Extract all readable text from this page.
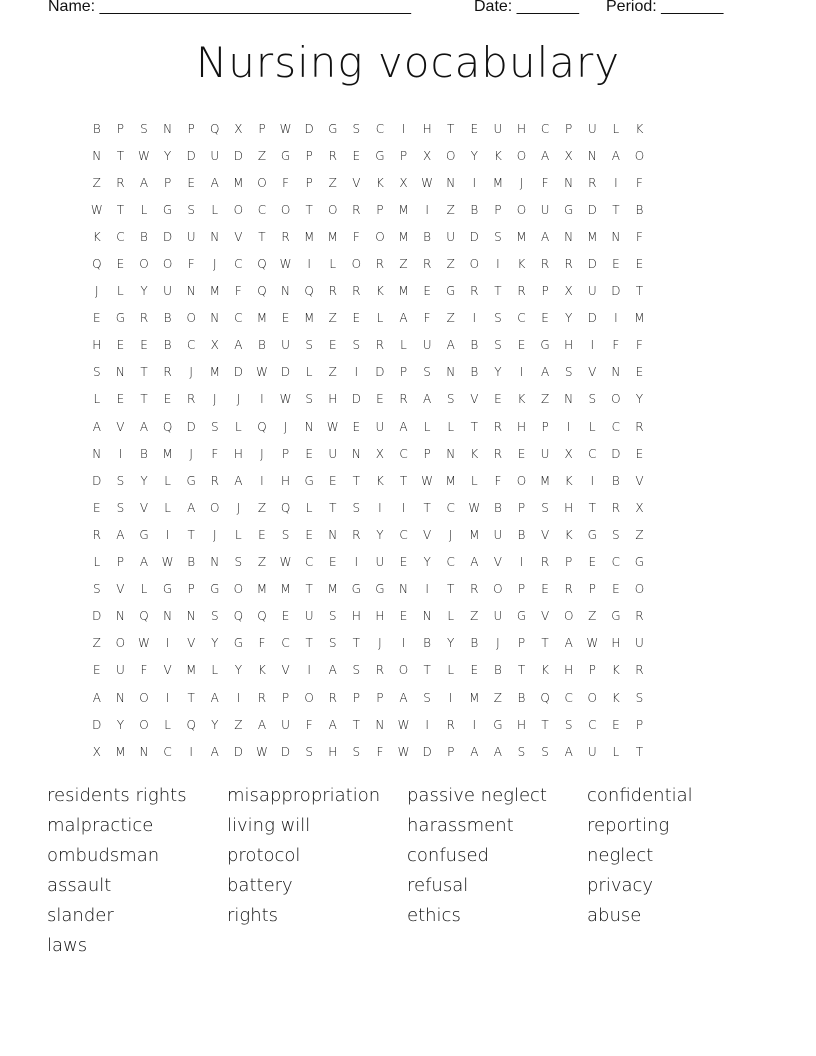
Name: ___________________________________	Date: _______ Period: _______
Nursing vocabulary
B	P	S	N	P	Q	X	P	W	D	G	S	C	I	H	T	E	U	H	C	P	U	L	K
N	T	W	Y	D	U	D	Z	G	P	R	E	G	P	X	O	Y	K	O	A	X	N	A	O
Z	R	A	P	E	A	M	O	F	P	Z	V	K	X	W	N	I	M	J	F	N	R	I	F
W	T	L	G	S	L	O	C	O	T	O	R	P	M	I	Z	B	P	O	U	G	D	T	B
K	C	B	D	U	N	V	T	R	M	M	F	O	M	B	U	D	S	M	A	N	M	N	F
Q	E	O	O	F	J	C	Q	W	I	L	O	R	Z	R	Z	O	I	K	R	R	D	E	E
J	L	Y	U	N	M	F	Q	N	Q	R	R	K	M	E	G	R	T	R	P	X	U	D	T
E	G	R	B	O	N	C	M	E	M	Z	E	L	A	F	Z	I	S	C	E	Y	D	I	M
H	E	E	B	C	X	A	B	U	S	E	S	R	L	U	A	B	S	E	G	H	I	F	F
S	N	T	R	J	M	D	W	D	L	Z	I	D	P	S	N	B	Y	I	A	S	V	N	E
L	E	T	E	R	J	J	I	W	S	H	D	E	R	A	S	V	E	K	Z	N	S	O	Y
A	V	A	Q	D	S	L	Q	J	N	W	E	U	A	L	L	T	R	H	P	I	L	C	R
N	I	B	M	J	F	H	J	P	E	U	N	X	C	P	N	K	R	E	U	X	C	D	E
D	S	Y	L	G	R	A	I	H	G	E	T	K	T	W	M	L	F	O	M	K	I	B	V
E	S	V	L	A	O	J	Z	Q	L	T	S	I	I	T	C	W	B	P	S	H	T	R	X
R	A	G	I	T	J	L	E	S	E	N	R	Y	C	V	J	M	U	B	V	K	G	S	Z
L	P	A	W	B	N	S	Z	W	C	E	I	U	E	Y	C	A	V	I	R	P	E	C	G
S	V	L	G	P	G	O	M	M	T	M	G	G	N	I	T	R	O	P	E	R	P	E	O
D	N	Q	N	N	S	Q	Q	E	U	S	H	H	E	N	L	Z	U	G	V	O	Z	G	R
Z	O	W	I	V	Y	G	F	C	T	S	T	J	I	B	Y	B	J	P	T	A	W	H	U
E	U	F	V	M	L	Y	K	V	I	A	S	R	O	T	L	E	B	T	K	H	P	K	R
A	N	O	I	T	A	I	R	P	O	R	P	P	A	S	I	M	Z	B	Q	C	O	K	S
D	Y	O	L	Q	Y	Z	A	U	F	A	T	N	W	I	R	I	G	H	T	S	C	E	P
X	M	N	C	I	A	D	W	D	S	H	S	F	W	D	P	A	A	S	S	A	U	L	T
residents rights	misappropriation	passive neglect	confidential
malpractice	living will	harassment	reporting
ombudsman	protocol	confused	neglect
assault	battery	refusal	privacy
slander	rights	ethics	abuse
laws
